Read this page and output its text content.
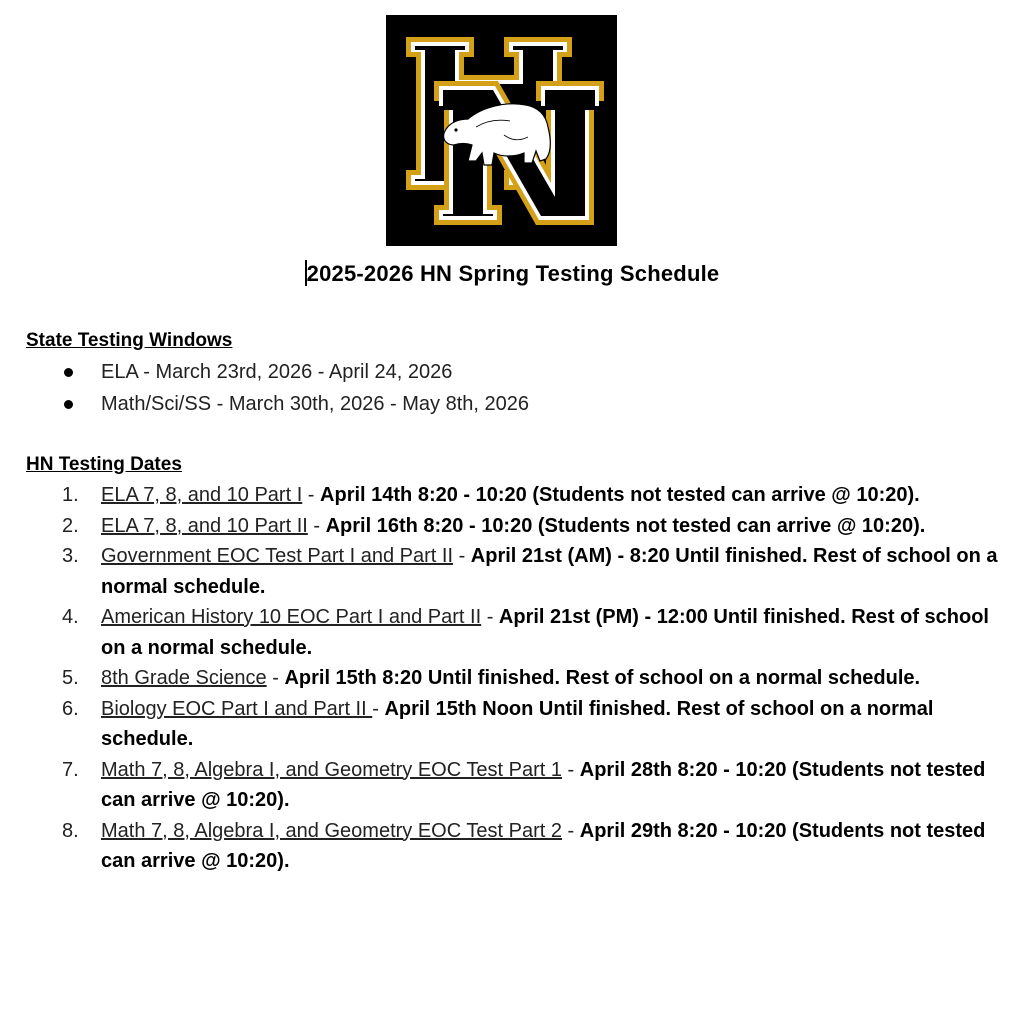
2025-2026 HN Spring Testing Schedule
State Testing Windows
ELA - March 23rd, 2026 - April 24, 2026
Math/Sci/SS - March 30th, 2026 - May 8th, 2026
HN Testing Dates
1. ELA 7, 8, and 10 Part I - April 14th 8:20 - 10:20 (Students not tested can arrive @ 10:20).
2. ELA 7, 8, and 10 Part II - April 16th 8:20 - 10:20 (Students not tested can arrive @ 10:20).
3. Government EOC Test Part I and Part II - April 21st (AM) - 8:20 Until finished. Rest of school on a normal schedule.
4. American History 10 EOC Part I and Part II - April 21st (PM) - 12:00 Until finished. Rest of school on a normal schedule.
5. 8th Grade Science - April 15th 8:20 Until finished. Rest of school on a normal schedule.
6. Biology EOC Part I and Part II - April 15th Noon Until finished. Rest of school on a normal schedule.
7. Math 7, 8, Algebra I, and Geometry EOC Test Part 1 - April 28th 8:20 - 10:20 (Students not tested can arrive @ 10:20).
8. Math 7, 8, Algebra I, and Geometry EOC Test Part 2 - April 29th 8:20 - 10:20 (Students not tested can arrive @ 10:20).
